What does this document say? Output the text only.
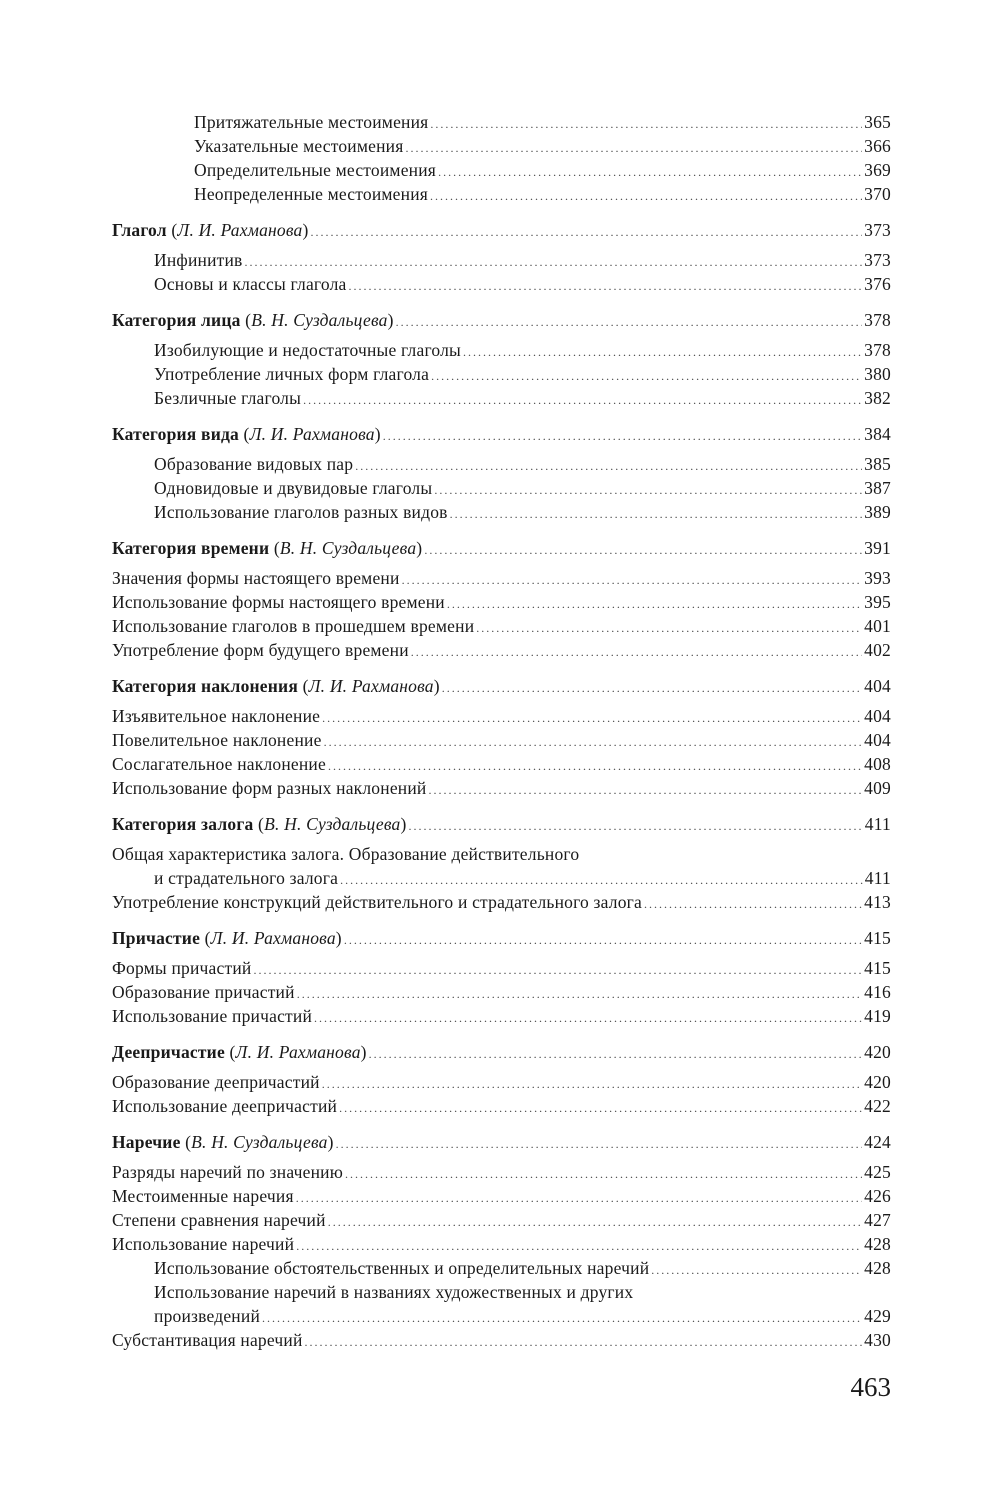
Притяжательные местоимения .....	365
Указательные местоимения .....	366
Определительные местоимения .....	369
Неопределенные местоимения .....	370
Глагол (Л. И. Рахманова) .....	373
Инфинитив .....	373
Основы и классы глагола .....	376
Категория лица (В. Н. Суздальцева) .....	378
Изобилующие и недостаточные глаголы .....	378
Употребление личных форм глагола .....	380
Безличные глаголы .....	382
Категория вида (Л. И. Рахманова) .....	384
Образование видовых пар .....	385
Одновидовые и двувидовые глаголы .....	387
Использование глаголов разных видов .....	389
Категория времени (В. Н. Суздальцева) .....	391
Значения формы настоящего времени .....	393
Использование формы настоящего времени .....	395
Использование глаголов в прошедшем времени .....	401
Употребление форм будущего времени .....	402
Категория наклонения (Л. И. Рахманова) .....	404
Изъявительное наклонение .....	404
Повелительное наклонение .....	404
Сослагательное наклонение .....	408
Использование форм разных наклонений .....	409
Категория залога (В. Н. Суздальцева) .....	411
Общая характеристика залога. Образование действительного
и страдательного залога .....	411
Употребление конструкций действительного и страдательного залога .....	413
Причастие (Л. И. Рахманова) .....	415
Формы причастий .....	415
Образование причастий .....	416
Использование причастий .....	419
Деепричастие (Л. И. Рахманова) .....	420
Образование деепричастий .....	420
Использование деепричастий .....	422
Наречие (В. Н. Суздальцева) .....	424
Разряды наречий по значению .....	425
Местоименные наречия .....	426
Степени сравнения наречий .....	427
Использование наречий .....	428
Использование обстоятельственных и определительных наречий .....	428
Использование наречий в названиях художественных и других
произведений .....	429
Субстантивация наречий .....	430
463
